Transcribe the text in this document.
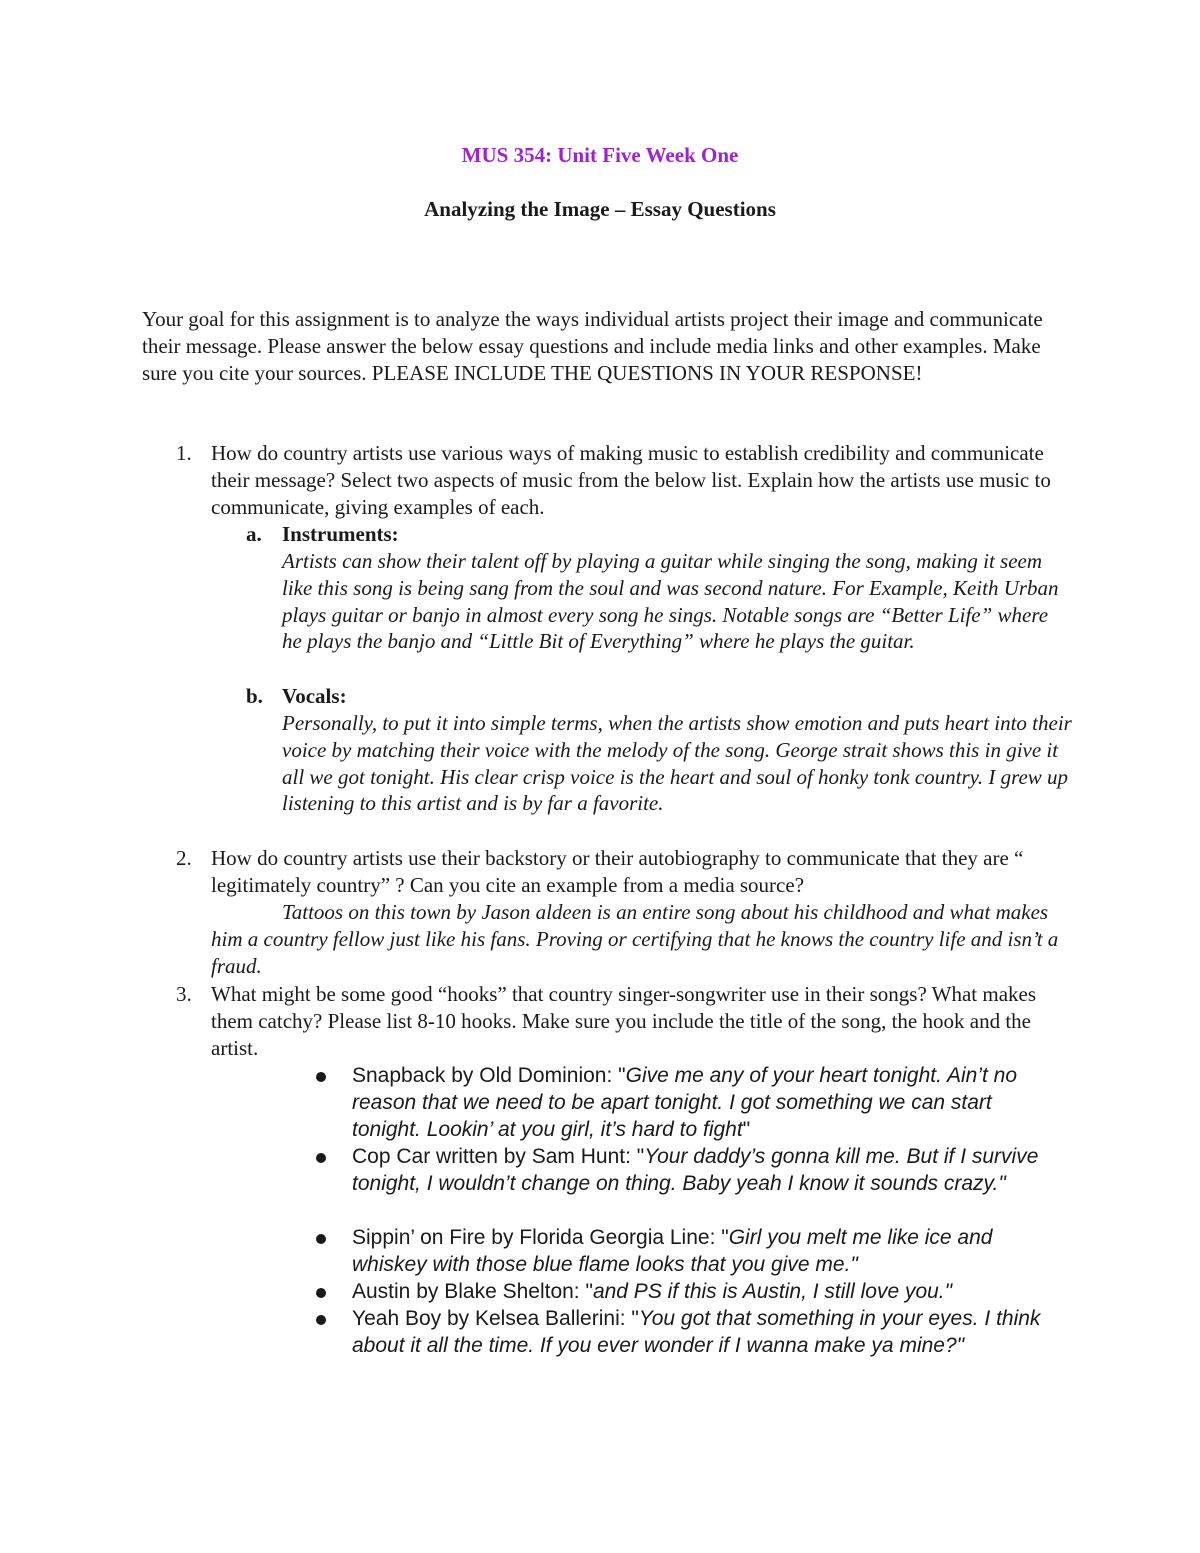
MUS 354: Unit Five Week One
Analyzing the Image – Essay Questions
Your goal for this assignment is to analyze the ways individual artists project their image and communicate their message. Please answer the below essay questions and include media links and other examples. Make sure you cite your sources. PLEASE INCLUDE THE QUESTIONS IN YOUR RESPONSE!
1. How do country artists use various ways of making music to establish credibility and communicate their message? Select two aspects of music from the below list. Explain how the artists use music to communicate, giving examples of each.
a. Instruments:
Artists can show their talent off by playing a guitar while singing the song, making it seem like this song is being sang from the soul and was second nature. For Example, Keith Urban plays guitar or banjo in almost every song he sings. Notable songs are “Better Life” where he plays the banjo and “Little Bit of Everything” where he plays the guitar.
b. Vocals:
Personally, to put it into simple terms, when the artists show emotion and puts heart into their voice by matching their voice with the melody of the song. George strait shows this in give it all we got tonight. His clear crisp voice is the heart and soul of honky tonk country. I grew up listening to this artist and is by far a favorite.
2. How do country artists use their backstory or their autobiography to communicate that they are “ legitimately country” ? Can you cite an example from a media source?
Tattoos on this town by Jason aldeen is an entire song about his childhood and what makes him a country fellow just like his fans. Proving or certifying that he knows the country life and isn’t a fraud.
3. What might be some good “hooks” that country singer-songwriter use in their songs? What makes them catchy? Please list 8-10 hooks. Make sure you include the title of the song, the hook and the artist.
Snapback by Old Dominion: "Give me any of your heart tonight. Ain’t no reason that we need to be apart tonight. I got something we can start tonight. Lookin’ at you girl, it’s hard to fight"
Cop Car written by Sam Hunt: "Your daddy’s gonna kill me. But if I survive tonight, I wouldn’t change on thing. Baby yeah I know it sounds crazy."
Sippin’ on Fire by Florida Georgia Line: "Girl you melt me like ice and whiskey with those blue flame looks that you give me."
Austin by Blake Shelton: "and PS if this is Austin, I still love you."
Yeah Boy by Kelsea Ballerini: "You got that something in your eyes. I think about it all the time. If you ever wonder if I wanna make ya mine?"
